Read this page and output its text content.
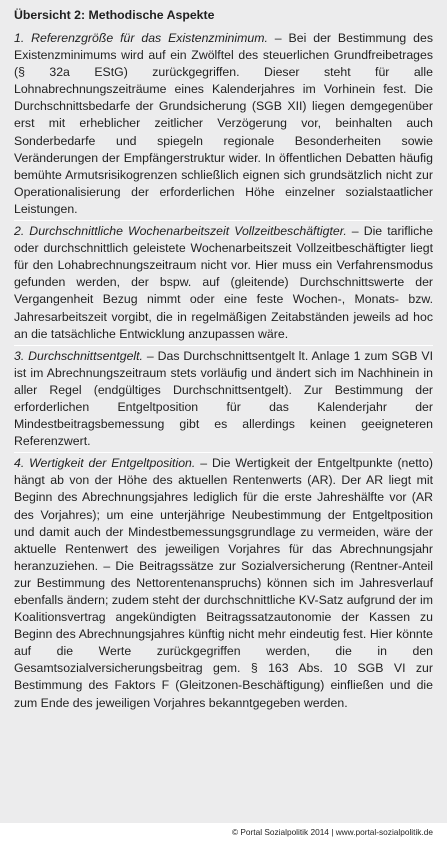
Übersicht 2: Methodische Aspekte
1. Referenzgröße für das Existenzminimum. – Bei der Bestimmung des Existenzminimums wird auf ein Zwölftel des steuerlichen Grundfreibetrages (§ 32a EStG) zurückgegriffen. Dieser steht für alle Lohnabrechnungszeiträume eines Kalenderjahres im Vorhinein fest. Die Durchschnittsbedarfe der Grundsicherung (SGB XII) liegen demgegenüber erst mit erheblicher zeitlicher Verzögerung vor, beinhalten auch Sonderbedarfe und spiegeln regionale Besonderheiten sowie Veränderungen der Empfängerstruktur wider. In öffentlichen Debatten häufig bemühte Armutsrisikogrenzen schließlich eignen sich grundsätzlich nicht zur Operationalisierung der erforderlichen Höhe einzelner sozialstaatlicher Leistungen.
2. Durchschnittliche Wochenarbeitszeit Vollzeitbeschäftigter. – Die tarifliche oder durchschnittlich geleistete Wochenarbeitszeit Vollzeitbeschäftigter liegt für den Lohabrechnungszeitraum nicht vor. Hier muss ein Verfahrensmodus gefunden werden, der bspw. auf (gleitende) Durchschnittswerte der Vergangenheit Bezug nimmt oder eine feste Wochen-, Monats- bzw. Jahresarbeitszeit vorgibt, die in regelmäßigen Zeitabständen jeweils ad hoc an die tatsächliche Entwicklung anzupassen wäre.
3. Durchschnittsentgelt. – Das Durchschnittsentgelt lt. Anlage 1 zum SGB VI ist im Abrechnungszeitraum stets vorläufig und ändert sich im Nachhinein in aller Regel (endgültiges Durchschnittsentgelt). Zur Bestimmung der erforderlichen Entgeltposition für das Kalenderjahr der Mindestbeitragsbemessung gibt es allerdings keinen geeigneteren Referenzwert.
4. Wertigkeit der Entgeltposition. – Die Wertigkeit der Entgeltpunkte (netto) hängt ab von der Höhe des aktuellen Rentenwerts (AR). Der AR liegt mit Beginn des Abrechnungsjahres lediglich für die erste Jahreshälfte vor (AR des Vorjahres); um eine unterjährige Neubestimmung der Entgeltposition und damit auch der Mindestbemessungsgrundlage zu vermeiden, wäre der aktuelle Rentenwert des jeweiligen Vorjahres für das Abrechnungsjahr heranzuziehen. – Die Beitragssätze zur Sozialversicherung (Rentner-Anteil zur Bestimmung des Nettorentenanspruchs) können sich im Jahresverlauf ebenfalls ändern; zudem steht der durchschnittliche KV-Satz aufgrund der im Koalitionsvertrag angekündigten Beitragssatzautonomie der Kassen zu Beginn des Abrechnungsjahres künftig nicht mehr eindeutig fest. Hier könnte auf die Werte zurückgegriffen werden, die in den Gesamtsozialversicherungsbeitrag gem. § 163 Abs. 10 SGB VI zur Bestimmung des Faktors F (Gleitzonen-Beschäftigung) einfließen und die zum Ende des jeweiligen Vorjahres bekanntgegeben werden.
© Portal Sozialpolitik 2014 | www.portal-sozialpolitik.de
